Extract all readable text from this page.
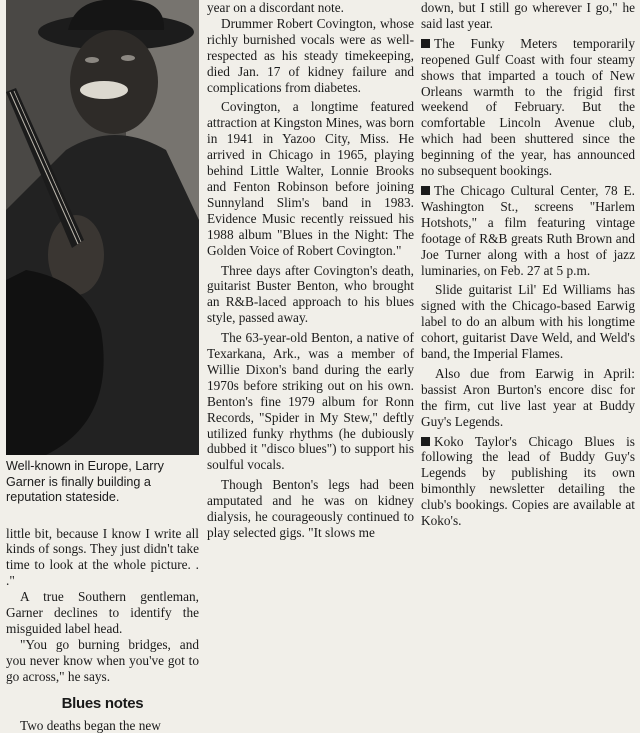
Well-known in Europe, Larry Garner is finally building a reputation stateside.

little bit, because I know I write all kinds of songs. They just didn't take time to look at the whole picture. . ."

A true Southern gentleman, Garner declines to identify the misguided label head.

"You go burning bridges, and you never know when you've got to go across," he says.

Blues notes

Two deaths began the new

year on a discordant note.

Drummer Robert Covington, whose richly burnished vocals were as well-respected as his steady timekeeping, died Jan. 17 of kidney failure and complications from diabetes.

Covington, a longtime featured attraction at Kingston Mines, was born in 1941 in Yazoo City, Miss. He arrived in Chicago in 1965, playing behind Little Walter, Lonnie Brooks and Fenton Robinson before joining Sunnyland Slim's band in 1983. Evidence Music recently reissued his 1988 album "Blues in the Night: The Golden Voice of Robert Covington."

Three days after Covington's death, guitarist Buster Benton, who brought an R&B-laced approach to his blues style, passed away.

The 63-year-old Benton, a native of Texarkana, Ark., was a member of Willie Dixon's band during the early 1970s before striking out on his own. Benton's fine 1979 album for Ronn Records, "Spider in My Stew," deftly utilized funky rhythms (he dubiously dubbed it "disco blues") to support his soulful vocals.

Though Benton's legs had been amputated and he was on kidney dialysis, he courageously continued to play selected gigs. "It slows me

down, but I still go wherever I go," he said last year.

The Funky Meters temporarily reopened Gulf Coast with four steamy shows that imparted a touch of New Orleans warmth to the frigid first weekend of February. But the comfortable Lincoln Avenue club, which had been shuttered since the beginning of the year, has announced no subsequent bookings.

The Chicago Cultural Center, 78 E. Washington St., screens "Harlem Hotshots," a film featuring vintage footage of R&B greats Ruth Brown and Joe Turner along with a host of jazz luminaries, on Feb. 27 at 5 p.m.

Slide guitarist Lil' Ed Williams has signed with the Chicago-based Earwig label to do an album with his longtime cohort, guitarist Dave Weld, and Weld's band, the Imperial Flames.

Also due from Earwig in April: bassist Aron Burton's encore disc for the firm, cut live last year at Buddy Guy's Legends.

Koko Taylor's Chicago Blues is following the lead of Buddy Guy's Legends by publishing its own bimonthly newsletter detailing the club's bookings. Copies are available at Koko's.
